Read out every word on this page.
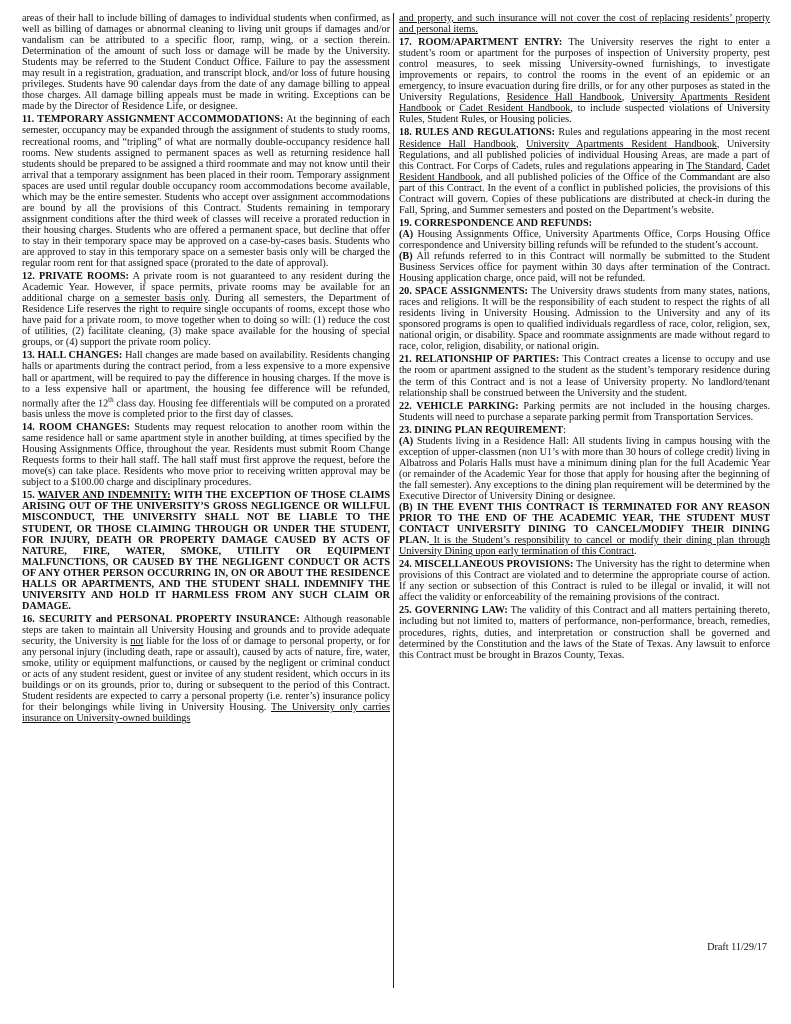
areas of their hall to include billing of damages to individual students when confirmed, as well as billing of damages or abnormal cleaning to living unit groups if damages and/or vandalism can be attributed to a specific floor, ramp, wing, or a section therein. Determination of the amount of such loss or damage will be made by the University. Students may be referred to the Student Conduct Office. Failure to pay the assessment may result in a registration, graduation, and transcript block, and/or loss of future housing privileges. Students have 90 calendar days from the date of any damage billing to appeal those charges. All damage billing appeals must be made in writing. Exceptions can be made by the Director of Residence Life, or designee.

11. TEMPORARY ASSIGNMENT ACCOMMODATIONS: At the beginning of each semester, occupancy may be expanded through the assignment of students to study rooms, recreational rooms, and “tripling” of what are normally double-occupancy residence hall rooms. New students assigned to permanent spaces as well as returning residence hall students should be prepared to be assigned a third roommate and may not know until their arrival that a temporary assignment has been placed in their room. Temporary assignment spaces are used until regular double occupancy room accommodations become available, which may be the entire semester. Students who accept over assignment accommodations are bound by all the provisions of this Contract. Students remaining in temporary assignment conditions after the third week of classes will receive a prorated reduction in their housing charges. Students who are offered a permanent space, but decline that offer to stay in their temporary space may be approved on a case-by-cases basis. Students who are approved to stay in this temporary space on a semester basis only will be charged the regular room rent for that assigned space (prorated to the date of approval).

12. PRIVATE ROOMS: A private room is not guaranteed to any resident during the Academic Year. However, if space permits, private rooms may be available for an additional charge on a semester basis only. During all semesters, the Department of Residence Life reserves the right to require single occupants of rooms, except those who have paid for a private room, to move together when to doing so will: (1) reduce the cost of utilities, (2) facilitate cleaning, (3) make space available for the housing of special groups, or (4) support the private room policy.

13. HALL CHANGES: Hall changes are made based on availability. Residents changing halls or apartments during the contract period, from a less expensive to a more expensive hall or apartment, will be required to pay the difference in housing charges. If the move is to a less expensive hall or apartment, the housing fee difference will be refunded, normally after the 12th class day. Housing fee differentials will be computed on a prorated basis unless the move is completed prior to the first day of classes.

14. ROOM CHANGES: Students may request relocation to another room within the same residence hall or same apartment style in another building, at times specified by the Housing Assignments Office, throughout the year. Residents must submit Room Change Requests forms to their hall staff. The hall staff must first approve the request, before the move(s) can take place. Residents who move prior to receiving written approval may be subject to a $100.00 charge and disciplinary procedures.

15. WAIVER AND INDEMNITY: WITH THE EXCEPTION OF THOSE CLAIMS ARISING OUT OF THE UNIVERSITY’S GROSS NEGLIGENCE OR WILLFUL MISCONDUCT, THE UNIVERSITY SHALL NOT BE LIABLE TO THE STUDENT, OR THOSE CLAIMING THROUGH OR UNDER THE STUDENT, FOR INJURY, DEATH OR PROPERTY DAMAGE CAUSED BY ACTS OF NATURE, FIRE, WATER, SMOKE, UTILITY OR EQUIPMENT MALFUNCTIONS, OR CAUSED BY THE NEGLIGENT CONDUCT OR ACTS OF ANY OTHER PERSON OCCURRING IN, ON OR ABOUT THE RESIDENCE HALLS OR APARTMENTS, AND THE STUDENT SHALL INDEMNIFY THE UNIVERSITY AND HOLD IT HARMLESS FROM ANY SUCH CLAIM OR DAMAGE.

16. SECURITY and PERSONAL PROPERTY INSURANCE: Although reasonable steps are taken to maintain all University Housing and grounds and to provide adequate security, the University is not liable for the loss of or damage to personal property, or for any personal injury (including death, rape or assault), caused by acts of nature, fire, water, smoke, utility or equipment malfunctions, or caused by the negligent or criminal conduct or acts of any student resident, guest or invitee of any student resident, which occurs in its buildings or on its grounds, prior to, during or subsequent to the period of this Contract. Student residents are expected to carry a personal property (i.e. renter’s) insurance policy for their belongings while living in University Housing. The University only carries insurance on University-owned buildings

and property, and such insurance will not cover the cost of replacing residents’ property and personal items.

17. ROOM/APARTMENT ENTRY: The University reserves the right to enter a student’s room or apartment for the purposes of inspection of University property, pest control measures, to seek missing University-owned furnishings, to investigate improvements or repairs, to control the rooms in the event of an epidemic or an emergency, to insure evacuation during fire drills, or for any other purposes as stated in the University Regulations, Residence Hall Handbook, University Apartments Resident Handbook or Cadet Resident Handbook, to include suspected violations of University Rules, Student Rules, or Housing policies.

18. RULES AND REGULATIONS: Rules and regulations appearing in the most recent Residence Hall Handbook, University Apartments Resident Handbook, University Regulations, and all published policies of individual Housing Areas, are made a part of this Contract. For Corps of Cadets, rules and regulations appearing in The Standard, Cadet Resident Handbook, and all published policies of the Office of the Commandant are also part of this Contract. In the event of a conflict in published policies, the provisions of this Contract will govern. Copies of these publications are distributed at check-in during the Fall, Spring, and Summer semesters and posted on the Department’s website.

19. CORRESPONDENCE AND REFUNDS:

(A) Housing Assignments Office, University Apartments Office, Corps Housing Office correspondence and University billing refunds will be refunded to the student’s account.

(B) All refunds referred to in this Contract will normally be submitted to the Student Business Services office for payment within 30 days after termination of the Contract. Housing application charge, once paid, will not be refunded.

20. SPACE ASSIGNMENTS: The University draws students from many states, nations, races and religions. It will be the responsibility of each student to respect the rights of all residents living in University Housing. Admission to the University and any of its sponsored programs is open to qualified individuals regardless of race, color, religion, sex, national origin, or disability. Space and roommate assignments are made without regard to race, color, religion, disability, or national origin.

21. RELATIONSHIP OF PARTIES: This Contract creates a license to occupy and use the room or apartment assigned to the student as the student’s temporary residence during the term of this Contract and is not a lease of University property. No landlord/tenant relationship shall be construed between the University and the student.

22. VEHICLE PARKING: Parking permits are not included in the housing charges. Students will need to purchase a separate parking permit from Transportation Services.

23. DINING PLAN REQUIREMENT:

(A) Students living in a Residence Hall: All students living in campus housing with the exception of upper-classmen (non U1’s with more than 30 hours of college credit) living in Albatross and Polaris Halls must have a minimum dining plan for the full Academic Year (or remainder of the Academic Year for those that apply for housing after the beginning of the fall semester). Any exceptions to the dining plan requirement will be determined by the Executive Director of University Dining or designee.

(B) IN THE EVENT THIS CONTRACT IS TERMINATED FOR ANY REASON PRIOR TO THE END OF THE ACADEMIC YEAR, THE STUDENT MUST CONTACT UNIVERSITY DINING TO CANCEL/MODIFY THEIR DINING PLAN. It is the Student’s responsibility to cancel or modify their dining plan through University Dining upon early termination of this Contract.

24. MISCELLANEOUS PROVISIONS: The University has the right to determine when provisions of this Contract are violated and to determine the appropriate course of action. If any section or subsection of this Contract is ruled to be illegal or invalid, it will not affect the validity or enforceability of the remaining provisions of the contract.

25. GOVERNING LAW: The validity of this Contract and all matters pertaining thereto, including but not limited to, matters of performance, non-performance, breach, remedies, procedures, rights, duties, and interpretation or construction shall be governed and determined by the Constitution and the laws of the State of Texas. Any lawsuit to enforce this Contract must be brought in Brazos County, Texas.

Draft 11/29/17
